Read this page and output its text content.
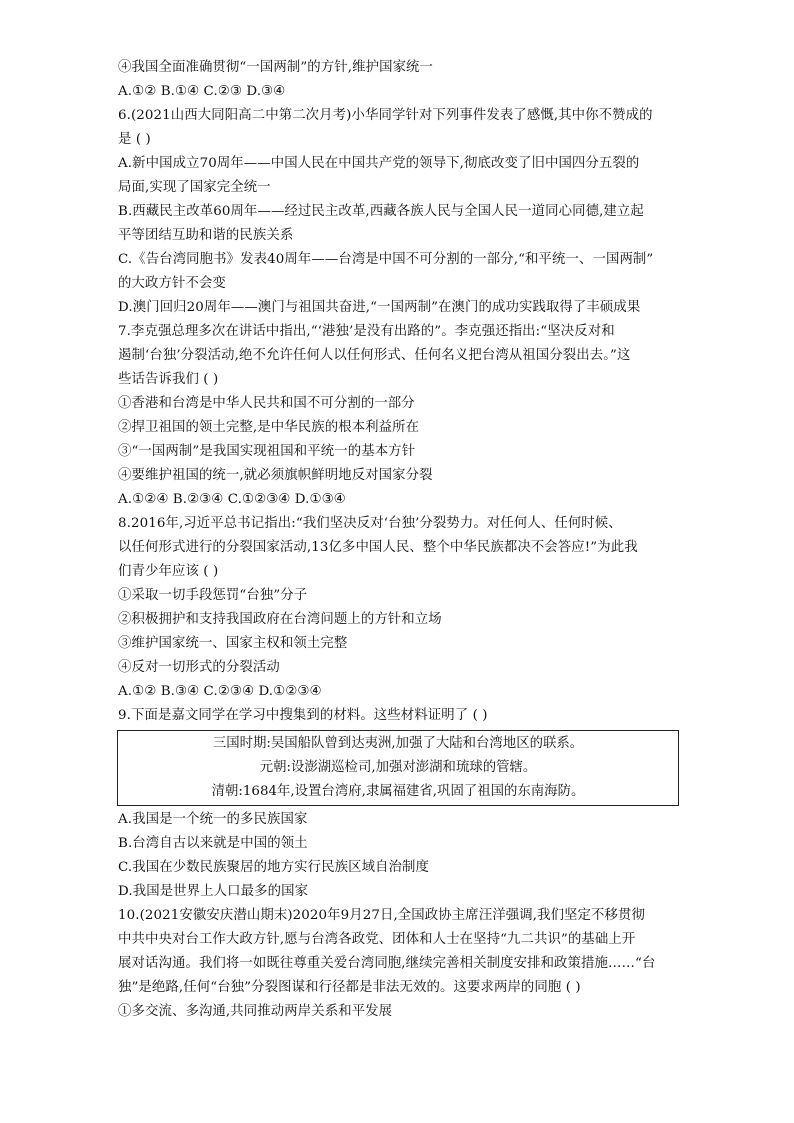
④我国全面准确贯彻“一国两制”的方针,维护国家统一
A.①② B.①④ C.②③ D.③④
6.(2021山西大同阳高二中第二次月考)小华同学针对下列事件发表了感慨,其中你不赞成的
是 ( )
A.新中国成立70周年——中国人民在中国共产党的领导下,彻底改变了旧中国四分五裂的
局面,实现了国家完全统一
B.西藏民主改革60周年——经过民主改革,西藏各族人民与全国人民一道同心同德,建立起
平等团结互助和谐的民族关系
C.《告台湾同胞书》发表40周年——台湾是中国不可分割的一部分,“和平统一、一国两制”
的大政方针不会变
D.澳门回归20周年——澳门与祖国共奋进,“一国两制”在澳门的成功实践取得了丰硕成果
7.李克强总理多次在讲话中指出,“‘港独’是没有出路的”。李克强还指出:“坚决反对和
遏制‘台独’分裂活动,绝不允许任何人以任何形式、任何名义把台湾从祖国分裂出去。”这
些话告诉我们 ( )
①香港和台湾是中华人民共和国不可分割的一部分
②捍卫祖国的领土完整,是中华民族的根本利益所在
③“一国两制”是我国实现祖国和平统一的基本方针
④要维护祖国的统一,就必须旗帜鲜明地反对国家分裂
A.①②④ B.②③④ C.①②③④ D.①③④
8.2016年,习近平总书记指出:“我们坚决反对‘台独’分裂势力。对任何人、任何时候、
以任何形式进行的分裂国家活动,13亿多中国人民、整个中华民族都决不会答应!”为此我
们青少年应该 ( )
①采取一切手段惩罚“台独”分子
②积极拥护和支持我国政府在台湾问题上的方针和立场
③维护国家统一、国家主权和领土完整
④反对一切形式的分裂活动
A.①② B.③④ C.②③④ D.①②③④
9.下面是嘉文同学在学习中搜集到的材料。这些材料证明了 ( )
三国时期:吴国船队曾到达夷洲,加强了大陆和台湾地区的联系。
元朝:设澎湖巡检司,加强对澎湖和琉球的管辖。
清朝:1684年,设置台湾府,隶属福建省,巩固了祖国的东南海防。
A.我国是一个统一的多民族国家
B.台湾自古以来就是中国的领土
C.我国在少数民族聚居的地方实行民族区域自治制度
D.我国是世界上人口最多的国家
10.(2021安徽安庆潜山期末)2020年9月27日,全国政协主席汪洋强调,我们坚定不移贯彻
中共中央对台工作大政方针,愿与台湾各政党、团体和人士在坚持“九二共识”的基础上开
展对话沟通。我们将一如既往尊重关爱台湾同胞,继续完善相关制度安排和政策措施……“台
独”是绝路,任何“台独”分裂图谋和行径都是非法无效的。这要求两岸的同胞 ( )
①多交流、多沟通,共同推动两岸关系和平发展
